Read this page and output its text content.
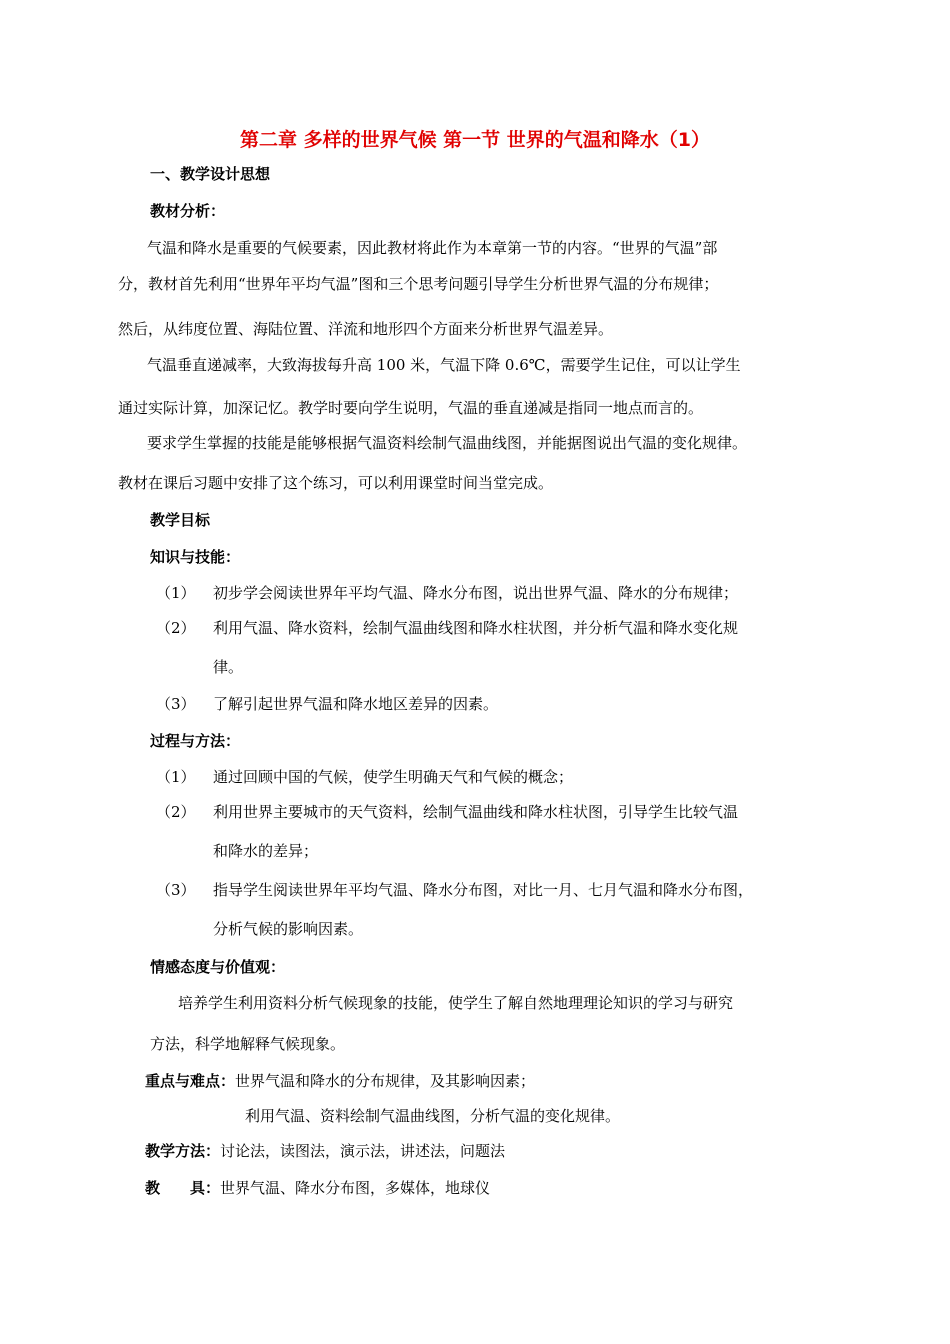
第二章 多样的世界气候 第一节 世界的气温和降水（1）
一、教学设计思想
教材分析：
气温和降水是重要的气候要素，因此教材将此作为本章第一节的内容。“世界的气温”部
分，教材首先利用“世界年平均气温”图和三个思考问题引导学生分析世界气温的分布规律；
然后，从纬度位置、海陆位置、洋流和地形四个方面来分析世界气温差异。
气温垂直递减率，大致海拔每升高 100 米，气温下降 0.6℃，需要学生记住，可以让学生
通过实际计算，加深记忆。教学时要向学生说明，气温的垂直递减是指同一地点而言的。
要求学生掌握的技能是能够根据气温资料绘制气温曲线图，并能据图说出气温的变化规律。
教材在课后习题中安排了这个练习，可以利用课堂时间当堂完成。
教学目标
知识与技能：
（1） 初步学会阅读世界年平均气温、降水分布图，说出世界气温、降水的分布规律；
（2） 利用气温、降水资料，绘制气温曲线图和降水柱状图，并分析气温和降水变化规
律。
（3） 了解引起世界气温和降水地区差异的因素。
过程与方法：
（1） 通过回顾中国的气候，使学生明确天气和气候的概念；
（2） 利用世界主要城市的天气资料，绘制气温曲线和降水柱状图，引导学生比较气温
和降水的差异；
（3） 指导学生阅读世界年平均气温、降水分布图，对比一月、七月气温和降水分布图，
分析气候的影响因素。
情感态度与价值观：
培养学生利用资料分析气候现象的技能，使学生了解自然地理理论知识的学习与研究
方法，科学地解释气候现象。
重点与难点：世界气温和降水的分布规律，及其影响因素；
利用气温、资料绘制气温曲线图，分析气温的变化规律。
教学方法：讨论法，读图法，演示法，讲述法，问题法
教　　具：世界气温、降水分布图，多媒体，地球仪
